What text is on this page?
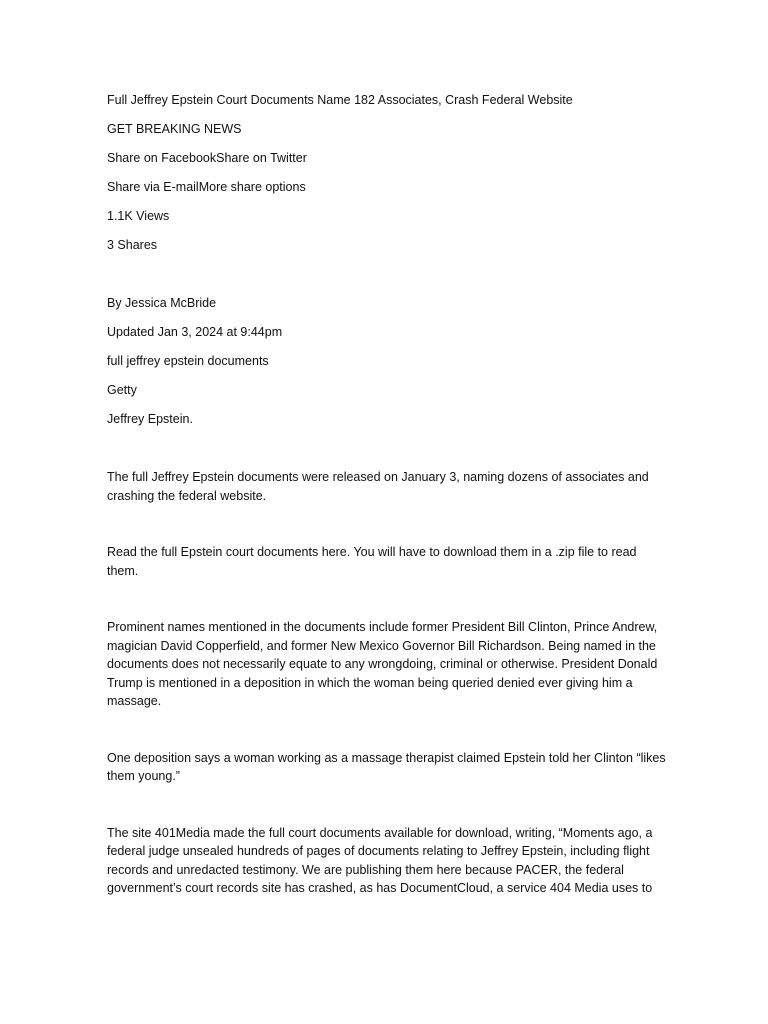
Full Jeffrey Epstein Court Documents Name 182 Associates, Crash Federal Website

GET BREAKING NEWS

Share on FacebookShare on Twitter

Share via E-mailMore share options

1.1K Views

3 Shares

By Jessica McBride

Updated Jan 3, 2024 at 9:44pm

full jeffrey epstein documents

Getty

Jeffrey Epstein.

The full Jeffrey Epstein documents were released on January 3, naming dozens of associates and crashing the federal website.

Read the full Epstein court documents here. You will have to download them in a .zip file to read them.

Prominent names mentioned in the documents include former President Bill Clinton, Prince Andrew, magician David Copperfield, and former New Mexico Governor Bill Richardson. Being named in the documents does not necessarily equate to any wrongdoing, criminal or otherwise. President Donald Trump is mentioned in a deposition in which the woman being queried denied ever giving him a massage.

One deposition says a woman working as a massage therapist claimed Epstein told her Clinton “likes them young.”

The site 401Media made the full court documents available for download, writing, “Moments ago, a federal judge unsealed hundreds of pages of documents relating to Jeffrey Epstein, including flight records and unredacted testimony. We are publishing them here because PACER, the federal government’s court records site has crashed, as has DocumentCloud, a service 404 Media uses to
